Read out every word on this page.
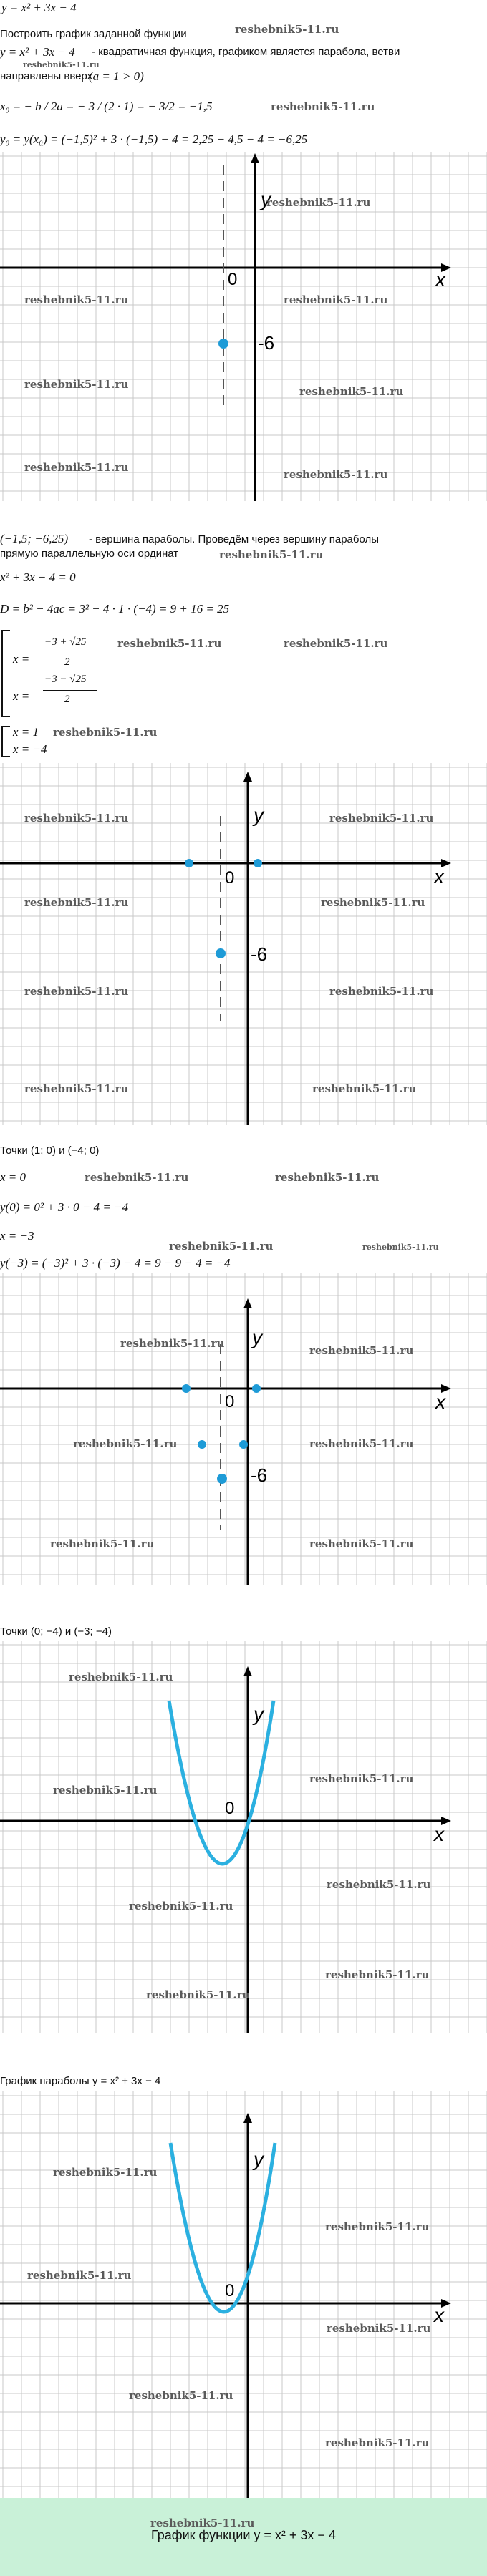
y = x² + 3x − 4
Построить график заданной функции	reshebnik5-11.ru
y = x² + 3x − 4 - квадратичная функция, графиком является парабола, ветви
reshebnik5-11.ru
направлены вверх
(a = 1 > 0)
x₀ = − b / 2a = − 3 / (2 · 1) = − 3/2 = −1,5	reshebnik5-11.ru
y₀ = y(x₀) = (−1,5)² + 3 · (−1,5) − 4 = 2,25 − 4,5 − 4 = −6,25
x
y
0
-6
reshebnik5-11.ru
reshebnik5-11.ru	reshebnik5-11.ru
reshebnik5-11.ru
reshebnik5-11.ru
reshebnik5-11.ru
reshebnik5-11.ru
(−1,5; −6,25) - вершина параболы. Проведём через вершину параболы
прямую параллельную оси ординат	reshebnik5-11.ru
x² + 3x − 4 = 0
D = b² − 4ac = 3² − 4 · 1 · (−4) = 9 + 16 = 25
x =
−3 + √25
2
reshebnik5-11.ru	reshebnik5-11.ru
x =
−3 − √25
2
x = 1 reshebnik5-11.ru
x = −4
x
y
0
-6
reshebnik5-11.ru	reshebnik5-11.ru
reshebnik5-11.ru	reshebnik5-11.ru
reshebnik5-11.ru	reshebnik5-11.ru
reshebnik5-11.ru	reshebnik5-11.ru
Точки (1; 0) и (−4; 0)
x = 0	reshebnik5-11.ru	reshebnik5-11.ru
y(0) = 0² + 3 · 0 − 4 = −4
x = −3
reshebnik5-11.ru	reshebnik5-11.ru
y(−3) = (−3)² + 3 · (−3) − 4 = 9 − 9 − 4 = −4
x
y
0
-6
reshebnik5-11.ru
reshebnik5-11.ru
reshebnik5-11.ru	reshebnik5-11.ru
reshebnik5-11.ru	reshebnik5-11.ru
Точки (0; −4) и (−3; −4)
x
y
0
reshebnik5-11.ru
reshebnik5-11.ru
reshebnik5-11.ru
reshebnik5-11.ru
reshebnik5-11.ru
reshebnik5-11.ru
reshebnik5-11.ru
График параболы y = x² + 3x − 4
x
y
0
reshebnik5-11.ru
reshebnik5-11.ru
reshebnik5-11.ru
reshebnik5-11.ru
reshebnik5-11.ru
reshebnik5-11.ru
reshebnik5-11.ru
График функции y = x² + 3x − 4
